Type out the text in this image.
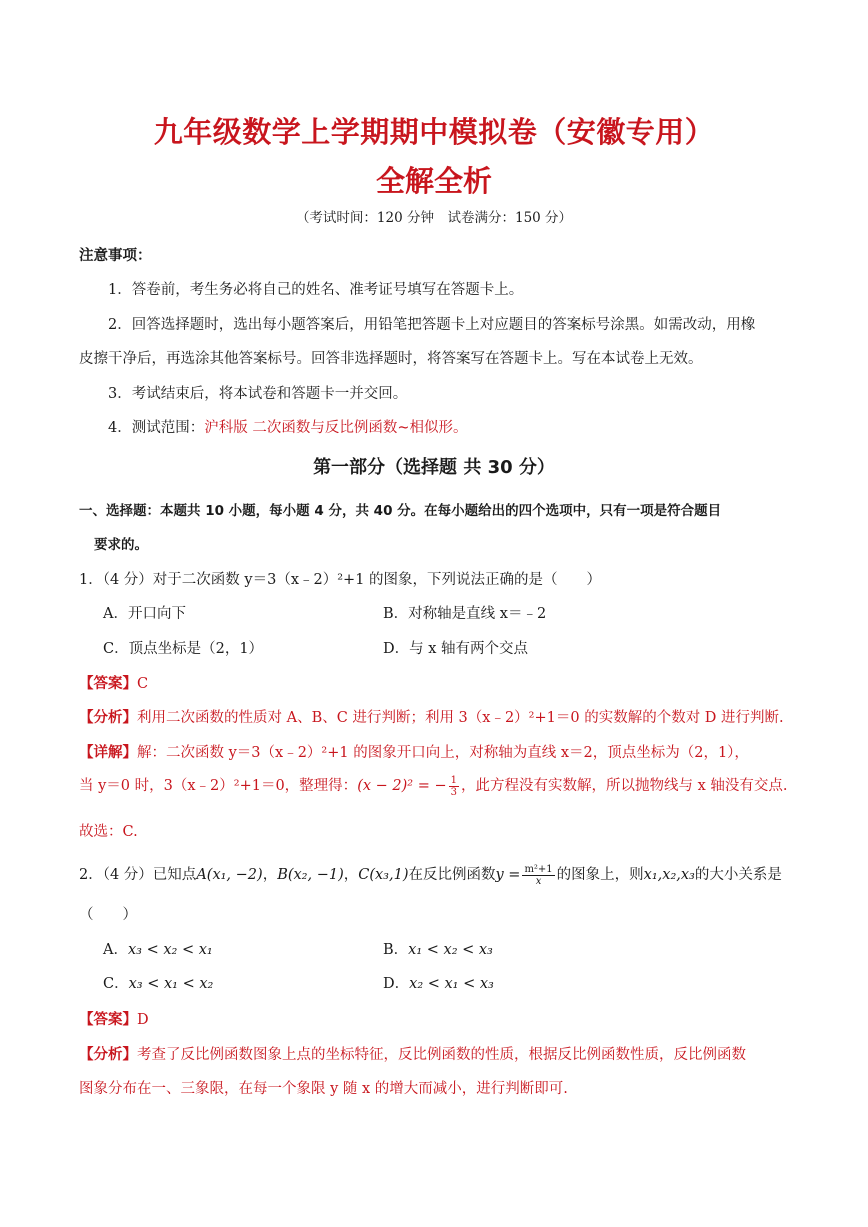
九年级数学上学期期中模拟卷（安徽专用）
全解全析
（考试时间：120 分钟　试卷满分：150 分）
注意事项：
1．答卷前，考生务必将自己的姓名、准考证号填写在答题卡上。
2．回答选择题时，选出每小题答案后，用铅笔把答题卡上对应题目的答案标号涂黑。如需改动，用橡
皮擦干净后，再选涂其他答案标号。回答非选择题时，将答案写在答题卡上。写在本试卷上无效。
3．考试结束后，将本试卷和答题卡一并交回。
4．测试范围：沪科版 二次函数与反比例函数~相似形。
第一部分（选择题 共 30 分）
一、选择题：本题共 10 小题，每小题 4 分，共 40 分。在每小题给出的四个选项中，只有一项是符合题目
要求的。
1．（4 分）对于二次函数 y＝3（x﹣2）²+1 的图象，下列说法正确的是（　　）
A．开口向下	B．对称轴是直线 x＝﹣2
C．顶点坐标是（2，1）	D．与 x 轴有两个交点
【答案】C
【分析】利用二次函数的性质对 A、B、C 进行判断；利用 3（x﹣2）²+1＝0 的实数解的个数对 D 进行判断.
【详解】解：二次函数 y＝3（x﹣2）²+1 的图象开口向上，对称轴为直线 x＝2，顶点坐标为（2，1），
当 y＝0 时，3（x﹣2）²+1＝0，整理得：(x − 2)² = − $\frac{1}{3}$ ，此方程没有实数解，所以抛物线与 x 轴没有交点.
故选：C.
2．（4 分）已知点A(x₁, −2)，B(x₂, −1)，C(x₃,1)在反比例函数$y = \frac{\text{m²+1}}{x}$ 的图象上，则x₁,x₂,x₃的大小关系是
（　　）
A．x₃ < x₂ < x₁	B．x₁ < x₂ < x₃
C．x₃ < x₁ < x₂	D．x₂ < x₁ < x₃
【答案】D
【分析】考查了反比例函数图象上点的坐标特征，反比例函数的性质，根据反比例函数性质，反比例函数
图象分布在一、三象限，在每一个象限 y 随 x 的增大而减小，进行判断即可.
